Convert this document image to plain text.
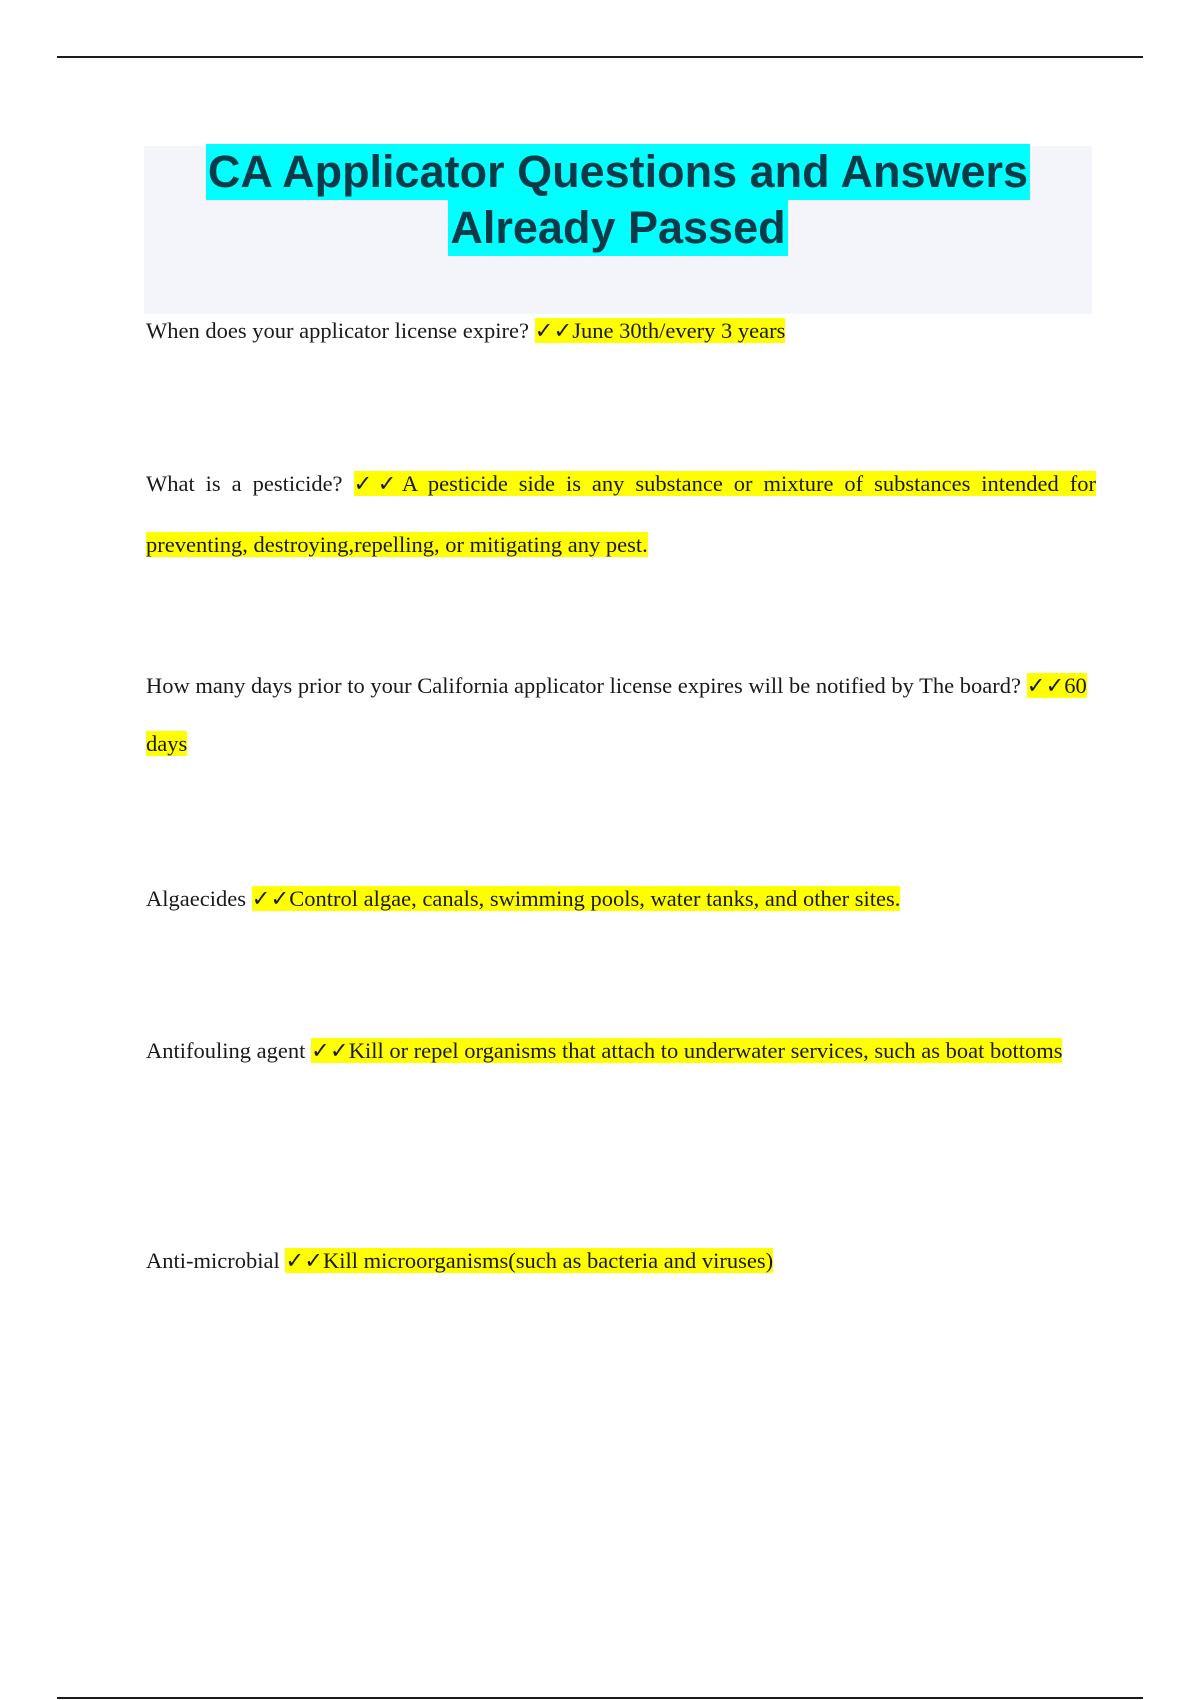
CA Applicator Questions and Answers
Already Passed

When does your applicator license expire? ✓✓June 30th/every 3 years

What is a pesticide? ✓✓A pesticide side is any substance or mixture of substances intended for preventing, destroying,repelling, or mitigating any pest.

How many days prior to your California applicator license expires will be notified by The board? ✓✓60 days

Algaecides ✓✓Control algae, canals, swimming pools, water tanks, and other sites.

Antifouling agent ✓✓Kill or repel organisms that attach to underwater services, such as boat bottoms

Anti-microbial ✓✓Kill microorganisms(such as bacteria and viruses)
